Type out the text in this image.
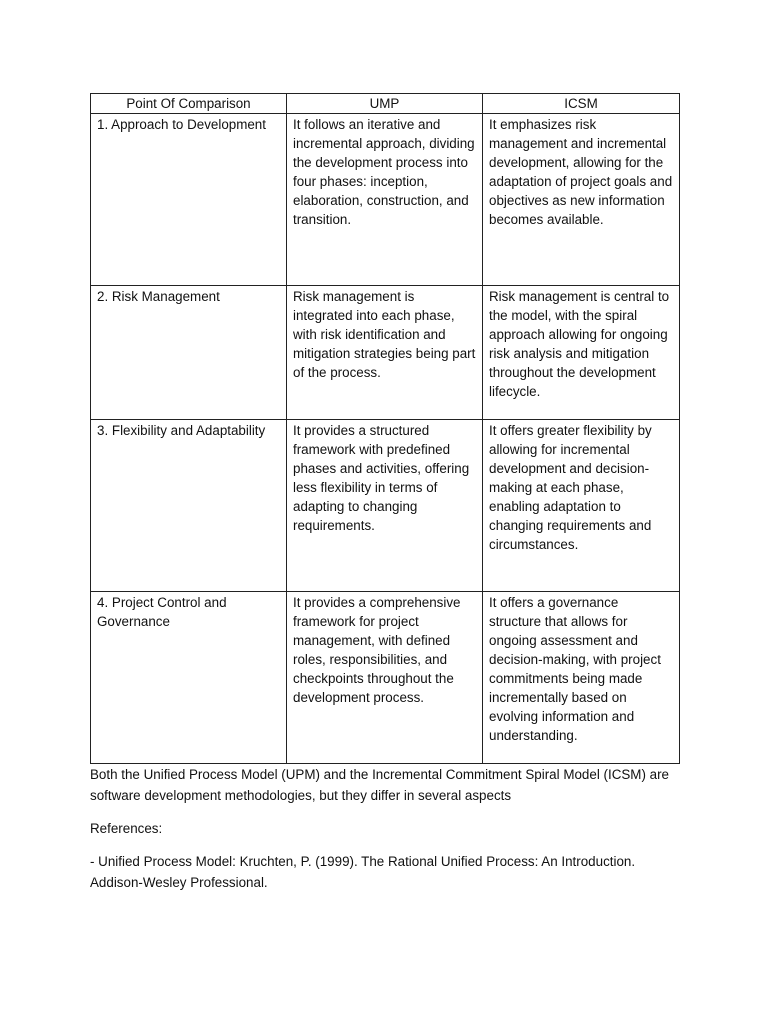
Point Of Comparison	UMP	ICSM
1. Approach to Development	It follows an iterative and incremental approach, dividing the development process into four phases: inception, elaboration, construction, and transition.	It emphasizes risk management and incremental development, allowing for the adaptation of project goals and objectives as new information becomes available.
2. Risk Management	Risk management is integrated into each phase, with risk identification and mitigation strategies being part of the process.	Risk management is central to the model, with the spiral approach allowing for ongoing risk analysis and mitigation throughout the development lifecycle.
3. Flexibility and Adaptability	It provides a structured framework with predefined phases and activities, offering less flexibility in terms of adapting to changing requirements.	It offers greater flexibility by allowing for incremental development and decision-making at each phase, enabling adaptation to changing requirements and circumstances.
4. Project Control and Governance	It provides a comprehensive framework for project management, with defined roles, responsibilities, and checkpoints throughout the development process.	It offers a governance structure that allows for ongoing assessment and decision-making, with project commitments being made incrementally based on evolving information and understanding.

Both the Unified Process Model (UPM) and the Incremental Commitment Spiral Model (ICSM) are software development methodologies, but they differ in several aspects

References:

- Unified Process Model: Kruchten, P. (1999). The Rational Unified Process: An Introduction. Addison-Wesley Professional.
